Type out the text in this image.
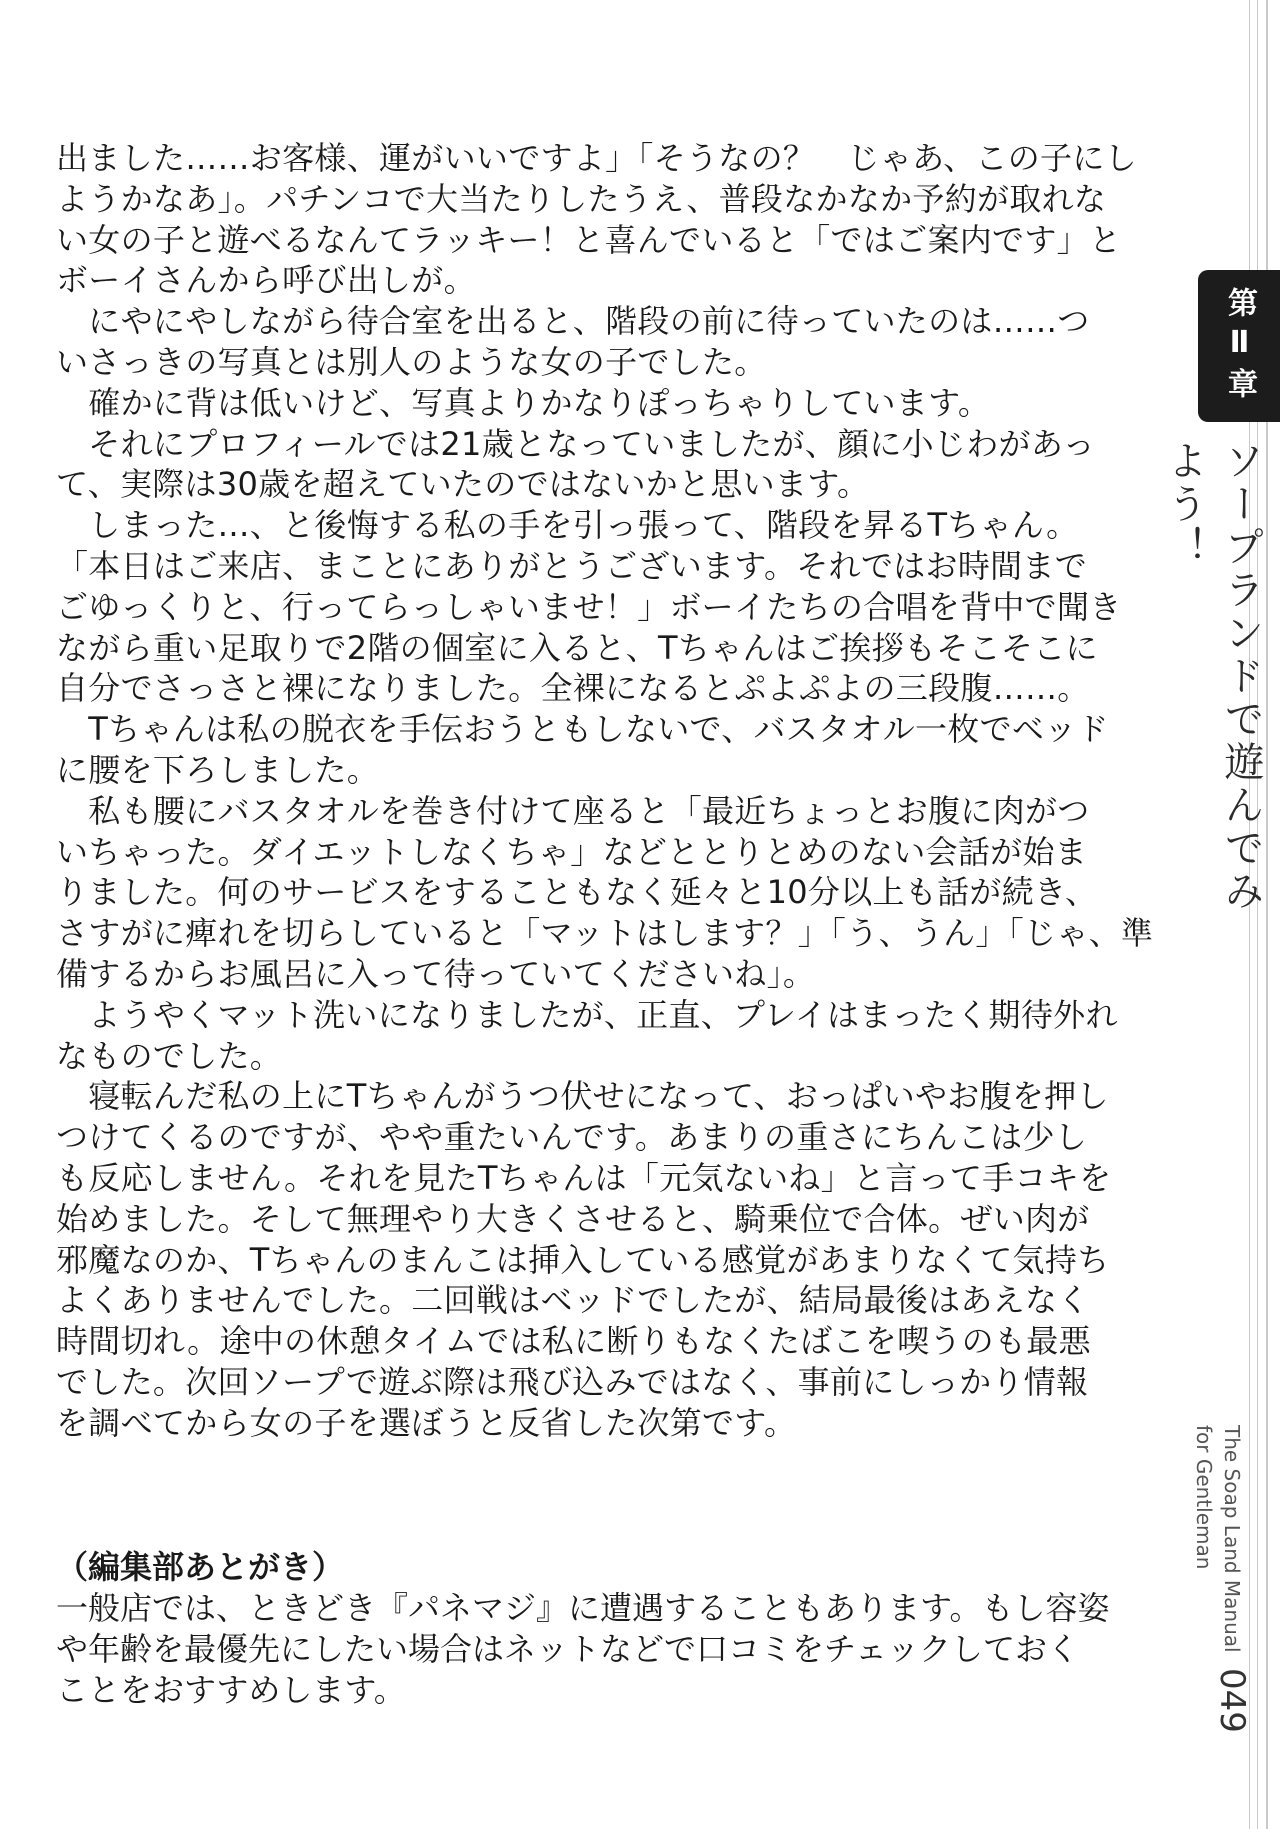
出ました……お客様、運がいいですよ」「そうなの？　じゃあ、この子にし

ようかなあ」。パチンコで大当たりしたうえ、普段なかなか予約が取れな

い女の子と遊べるなんてラッキー！と喜んでいると「ではご案内です」と

ボーイさんから呼び出しが。

　にやにやしながら待合室を出ると、階段の前に待っていたのは……つ

いさっきの写真とは別人のような女の子でした。

　確かに背は低いけど、写真よりかなりぽっちゃりしています。

　それにプロフィールでは21歳となっていましたが、顔に小じわがあっ

て、実際は30歳を超えていたのではないかと思います。

　しまった…、と後悔する私の手を引っ張って、階段を昇るTちゃん。

「本日はご来店、まことにありがとうございます。それではお時間まで

ごゆっくりと、行ってらっしゃいませ！」ボーイたちの合唱を背中で聞き

ながら重い足取りで2階の個室に入ると、Tちゃんはご挨拶もそこそこに

自分でさっさと裸になりました。全裸になるとぷよぷよの三段腹……。

　Tちゃんは私の脱衣を手伝おうともしないで、バスタオル一枚でベッド

に腰を下ろしました。

　私も腰にバスタオルを巻き付けて座ると「最近ちょっとお腹に肉がつ

いちゃった。ダイエットしなくちゃ」などととりとめのない会話が始ま

りました。何のサービスをすることもなく延々と10分以上も話が続き、

さすがに痺れを切らしていると「マットはします？」「う、うん」「じゃ、準

備するからお風呂に入って待っていてくださいね」。

　ようやくマット洗いになりましたが、正直、プレイはまったく期待外れ

なものでした。

　寝転んだ私の上にTちゃんがうつ伏せになって、おっぱいやお腹を押し

つけてくるのですが、やや重たいんです。あまりの重さにちんこは少し

も反応しません。それを見たTちゃんは「元気ないね」と言って手コキを

始めました。そして無理やり大きくさせると、騎乗位で合体。ぜい肉が

邪魔なのか、Tちゃんのまんこは挿入している感覚があまりなくて気持ち

よくありませんでした。二回戦はベッドでしたが、結局最後はあえなく

時間切れ。途中の休憩タイムでは私に断りもなくたばこを喫うのも最悪

でした。次回ソープで遊ぶ際は飛び込みではなく、事前にしっかり情報

を調べてから女の子を選ぼうと反省した次第です。

（編集部あとがき）

一般店では、ときどき『パネマジ』に遭遇することもあります。もし容姿

や年齢を最優先にしたい場合はネットなどで口コミをチェックしておく

ことをおすすめします。

第Ⅱ章
ソープランドで遊んでみよう！
The Soap Land Manual
for Gentleman
049
